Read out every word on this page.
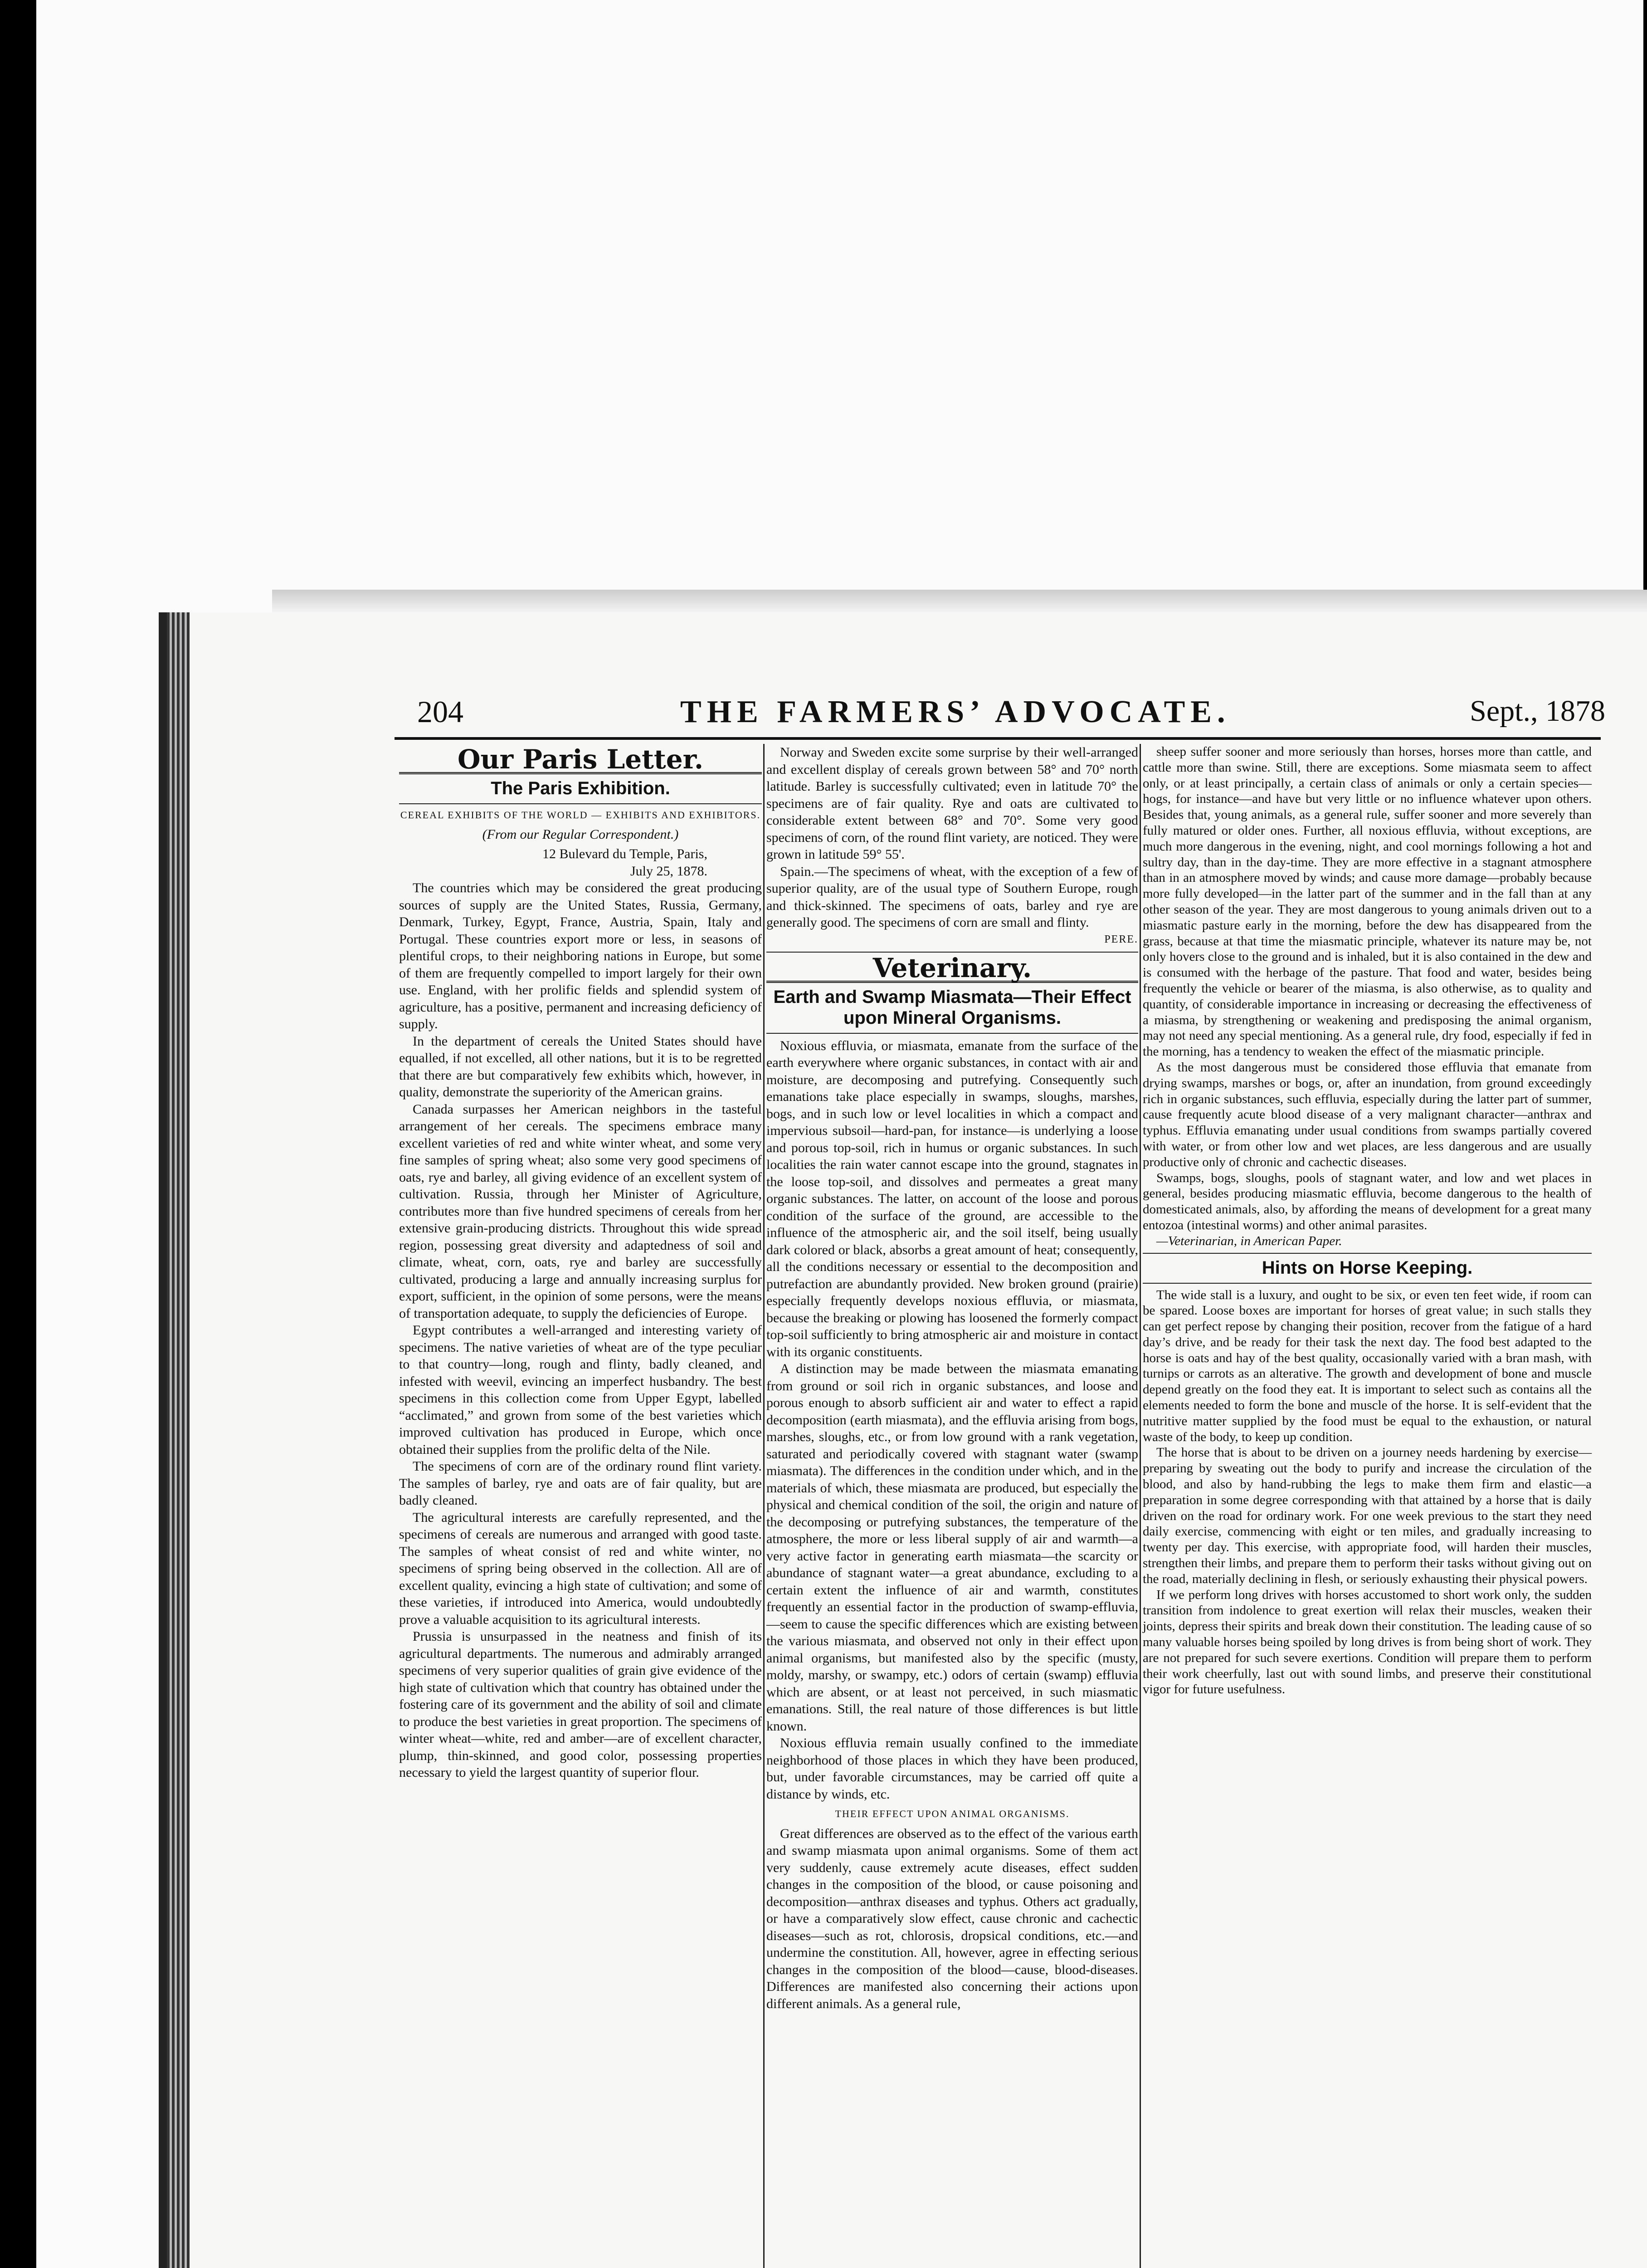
204	THE FARMERS’ ADVOCATE.	Sept., 1878
Our Paris Letter.
The Paris Exhibition.
CEREAL EXHIBITS OF THE WORLD — EXHIBITS AND EXHIBITORS.
(From our Regular Correspondent.)
12 Bulevard du Temple, Paris,
July 25, 1878.

The countries which may be considered the great producing sources of supply are the United States, Russia, Germany, Denmark, Turkey, Egypt, France, Austria, Spain, Italy and Portugal. These countries export more or less, in seasons of plentiful crops, to their neighboring nations in Europe, but some of them are frequently compelled to import largely for their own use. England, with her prolific fields and splendid system of agriculture, has a positive, permanent and increasing deficiency of supply.

In the department of cereals the United States should have equalled, if not excelled, all other nations, but it is to be regretted that there are but comparatively few exhibits which, however, in quality, demonstrate the superiority of the American grains.

Canada surpasses her American neighbors in the tasteful arrangement of her cereals. The specimens embrace many excellent varieties of red and white winter wheat, and some very fine samples of spring wheat; also some very good specimens of oats, rye and barley, all giving evidence of an excellent system of cultivation. Russia, through her Minister of Agriculture, contributes more than five hundred specimens of cereals from her extensive grain-producing districts. Throughout this wide spread region, possessing great diversity and adaptedness of soil and climate, wheat, corn, oats, rye and barley are successfully cultivated, producing a large and annually increasing surplus for export, sufficient, in the opinion of some persons, were the means of transportation adequate, to supply the deficiencies of Europe.

Egypt contributes a well-arranged and interesting variety of specimens. The native varieties of wheat are of the type peculiar to that country—long, rough and flinty, badly cleaned, and infested with weevil, evincing an imperfect husbandry. The best specimens in this collection come from Upper Egypt, labelled “acclimated,” and grown from some of the best varieties which improved cultivation has produced in Europe, which once obtained their supplies from the prolific delta of the Nile.

The specimens of corn are of the ordinary round flint variety. The samples of barley, rye and oats are of fair quality, but are badly cleaned.

The agricultural interests are carefully represented, and the specimens of cereals are numerous and arranged with good taste. The samples of wheat consist of red and white winter, no specimens of spring being observed in the collection. All are of excellent quality, evincing a high state of cultivation; and some of these varieties, if introduced into America, would undoubtedly prove a valuable acquisition to its agricultural interests.

Prussia is unsurpassed in the neatness and finish of its agricultural departments. The numerous and admirably arranged specimens of very superior qualities of grain give evidence of the high state of cultivation which that country has obtained under the fostering care of its government and the ability of soil and climate to produce the best varieties in great proportion. The specimens of winter wheat—white, red and amber—are of excellent character, plump, thin-skinned, and good color, possessing properties necessary to yield the largest quantity of superior flour.

Norway and Sweden excite some surprise by their well-arranged and excellent display of cereals grown between 58° and 70° north latitude. Barley is successfully cultivated; even in latitude 70° the specimens are of fair quality. Rye and oats are cultivated to considerable extent between 68° and 70°. Some very good specimens of corn, of the round flint variety, are noticed. They were grown in latitude 59° 55'.

Spain.—The specimens of wheat, with the exception of a few of superior quality, are of the usual type of Southern Europe, rough and thick-skinned. The specimens of oats, barley and rye are generally good. The specimens of corn are small and flinty.

PERE.
Veterinary.
Earth and Swamp Miasmata—Their Effect upon Mineral Organisms.

Noxious effluvia, or miasmata, emanate from the surface of the earth everywhere where organic substances, in contact with air and moisture, are decomposing and putrefying. Consequently such emanations take place especially in swamps, sloughs, marshes, bogs, and in such low or level localities in which a compact and impervious subsoil—hard-pan, for instance—is underlying a loose and porous top-soil, rich in humus or organic substances. In such localities the rain water cannot escape into the ground, stagnates in the loose top-soil, and dissolves and permeates a great many organic substances. The latter, on account of the loose and porous condition of the surface of the ground, are accessible to the influence of the atmospheric air, and the soil itself, being usually dark colored or black, absorbs a great amount of heat; consequently, all the conditions necessary or essential to the decomposition and putrefaction are abundantly provided. New broken ground (prairie) especially frequently develops noxious effluvia, or miasmata, because the breaking or plowing has loosened the formerly compact top-soil sufficiently to bring atmospheric air and moisture in contact with its organic constituents.

A distinction may be made between the miasmata emanating from ground or soil rich in organic substances, and loose and porous enough to absorb sufficient air and water to effect a rapid decomposition (earth miasmata), and the effluvia arising from bogs, marshes, sloughs, etc., or from low ground with a rank vegetation, saturated and periodically covered with stagnant water (swamp miasmata). The differences in the condition under which, and in the materials of which, these miasmata are produced, but especially the physical and chemical condition of the soil, the origin and nature of the decomposing or putrefying substances, the temperature of the atmosphere, the more or less liberal supply of air and warmth—a very active factor in generating earth miasmata—the scarcity or abundance of stagnant water—a great abundance, excluding to a certain extent the influence of air and warmth, constitutes frequently an essential factor in the production of swamp-effluvia,—seem to cause the specific differences which are existing between the various miasmata, and observed not only in their effect upon animal organisms, but manifested also by the specific (musty, moldy, marshy, or swampy, etc.) odors of certain (swamp) effluvia which are absent, or at least not perceived, in such miasmatic emanations. Still, the real nature of those differences is but little known.

Noxious effluvia remain usually confined to the immediate neighborhood of those places in which they have been produced, but, under favorable circumstances, may be carried off quite a distance by winds, etc.

THEIR EFFECT UPON ANIMAL ORGANISMS.

Great differences are observed as to the effect of the various earth and swamp miasmata upon animal organisms. Some of them act very suddenly, cause extremely acute diseases, effect sudden changes in the composition of the blood, or cause poisoning and decomposition—anthrax diseases and typhus. Others act gradually, or have a comparatively slow effect, cause chronic and cachectic diseases—such as rot, chlorosis, dropsical conditions, etc.—and undermine the constitution. All, however, agree in effecting serious changes in the composition of the blood—cause, blood-diseases. Differences are manifested also concerning their actions upon different animals. As a general rule,

sheep suffer sooner and more seriously than horses, horses more than cattle, and cattle more than swine. Still, there are exceptions. Some miasmata seem to affect only, or at least principally, a certain class of animals or only a certain species—hogs, for instance—and have but very little or no influence whatever upon others. Besides that, young animals, as a general rule, suffer sooner and more severely than fully matured or older ones. Further, all noxious effluvia, without exceptions, are much more dangerous in the evening, night, and cool mornings following a hot and sultry day, than in the day-time. They are more effective in a stagnant atmosphere than in an atmosphere moved by winds; and cause more damage—probably because more fully developed—in the latter part of the summer and in the fall than at any other season of the year. They are most dangerous to young animals driven out to a miasmatic pasture early in the morning, before the dew has disappeared from the grass, because at that time the miasmatic principle, whatever its nature may be, not only hovers close to the ground and is inhaled, but it is also contained in the dew and is consumed with the herbage of the pasture. That food and water, besides being frequently the vehicle or bearer of the miasma, is also otherwise, as to quality and quantity, of considerable importance in increasing or decreasing the effectiveness of a miasma, by strengthening or weakening and predisposing the animal organism, may not need any special mentioning. As a general rule, dry food, especially if fed in the morning, has a tendency to weaken the effect of the miasmatic principle.

As the most dangerous must be considered those effluvia that emanate from drying swamps, marshes or bogs, or, after an inundation, from ground exceedingly rich in organic substances, such effluvia, especially during the latter part of summer, cause frequently acute blood disease of a very malignant character—anthrax and typhus. Effluvia emanating under usual conditions from swamps partially covered with water, or from other low and wet places, are less dangerous and are usually productive only of chronic and cachectic diseases.

Swamps, bogs, sloughs, pools of stagnant water, and low and wet places in general, besides producing miasmatic effluvia, become dangerous to the health of domesticated animals, also, by affording the means of development for a great many entozoa (intestinal worms) and other animal parasites.

—Veterinarian, in American Paper.

Hints on Horse Keeping.

The wide stall is a luxury, and ought to be six, or even ten feet wide, if room can be spared. Loose boxes are important for horses of great value; in such stalls they can get perfect repose by changing their position, recover from the fatigue of a hard day’s drive, and be ready for their task the next day. The food best adapted to the horse is oats and hay of the best quality, occasionally varied with a bran mash, with turnips or carrots as an alterative. The growth and development of bone and muscle depend greatly on the food they eat. It is important to select such as contains all the elements needed to form the bone and muscle of the horse. It is self-evident that the nutritive matter supplied by the food must be equal to the exhaustion, or natural waste of the body, to keep up condition.

The horse that is about to be driven on a journey needs hardening by exercise—preparing by sweating out the body to purify and increase the circulation of the blood, and also by hand-rubbing the legs to make them firm and elastic—a preparation in some degree corresponding with that attained by a horse that is daily driven on the road for ordinary work. For one week previous to the start they need daily exercise, commencing with eight or ten miles, and gradually increasing to twenty per day. This exercise, with appropriate food, will harden their muscles, strengthen their limbs, and prepare them to perform their tasks without giving out on the road, materially declining in flesh, or seriously exhausting their physical powers.

If we perform long drives with horses accustomed to short work only, the sudden transition from indolence to great exertion will relax their muscles, weaken their joints, depress their spirits and break down their constitution. The leading cause of so many valuable horses being spoiled by long drives is from being short of work. They are not prepared for such severe exertions. Condition will prepare them to perform their work cheerfully, last out with sound limbs, and preserve their constitutional vigor for future usefulness.
